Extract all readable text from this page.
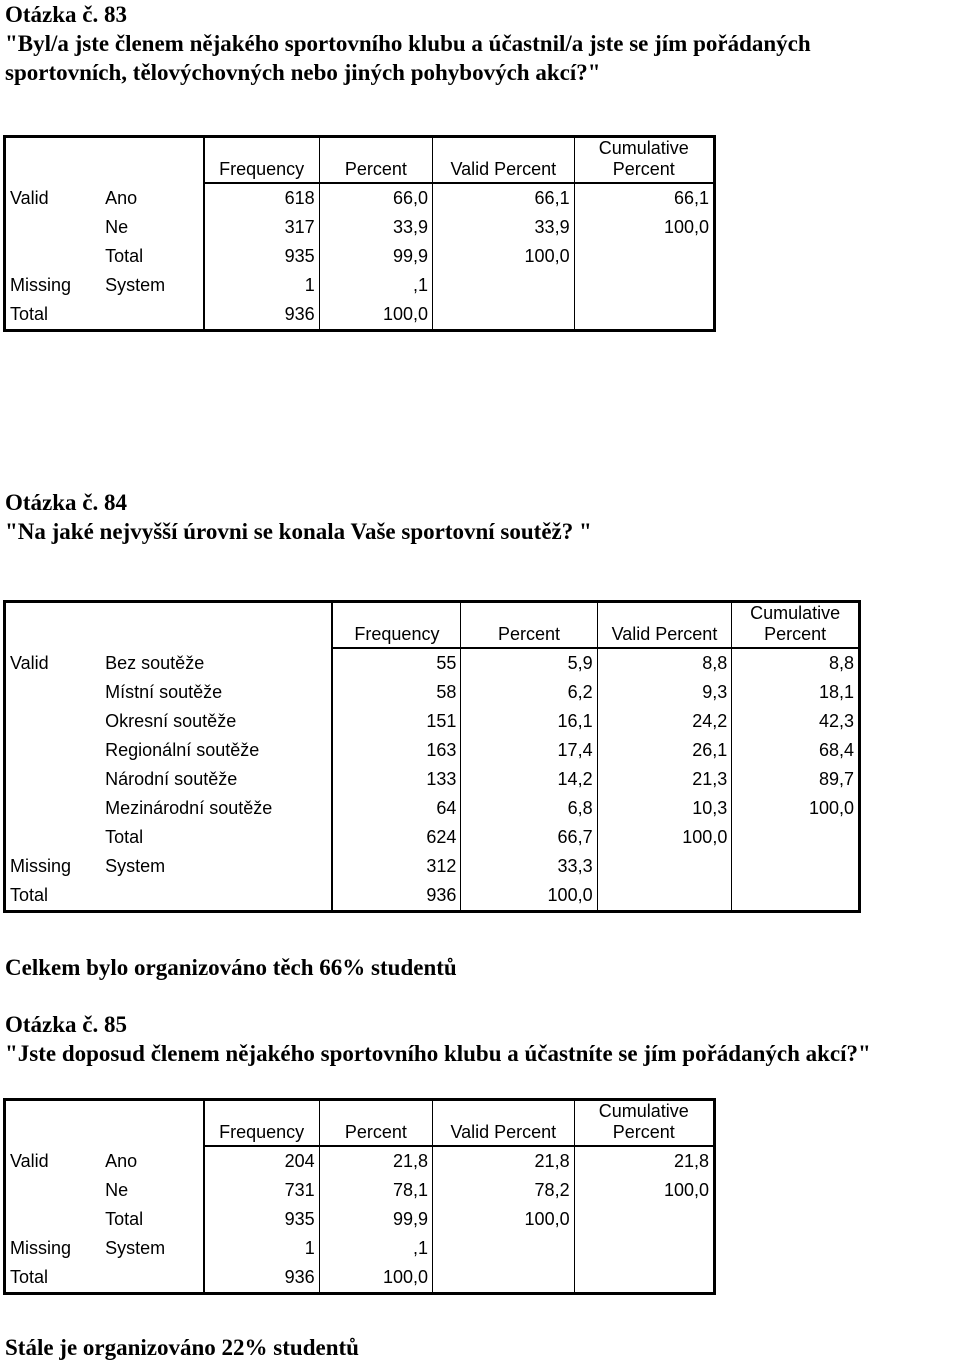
Otázka č. 83
"Byl/a jste členem nějakého sportovního klubu a účastnil/a jste se jím pořádaných
sportovních, tělovýchovných nebo jiných pohybových akcí?"
		Frequency	Percent	Valid Percent	Cumulative
Percent
Valid	Ano	618	66,0	66,1	66,1
	Ne	317	33,9	33,9	100,0
	Total	935	99,9	100,0	
Missing	System	1	,1		
Total		936	100,0		
Otázka č. 84
"Na jaké nejvyšší úrovni se konala Vaše sportovní soutěž? "
		Frequency	Percent	Valid Percent	Cumulative
Percent
Valid	Bez soutěže	55	5,9	8,8	8,8
	Místní soutěže	58	6,2	9,3	18,1
	Okresní soutěže	151	16,1	24,2	42,3
	Regionální soutěže	163	17,4	26,1	68,4
	Národní soutěže	133	14,2	21,3	89,7
	Mezinárodní soutěže	64	6,8	10,3	100,0
	Total	624	66,7	100,0	
Missing	System	312	33,3		
Total		936	100,0		
Celkem bylo organizováno těch 66% studentů
Otázka č. 85
"Jste doposud členem nějakého sportovního klubu a účastníte se jím pořádaných akcí?"
		Frequency	Percent	Valid Percent	Cumulative
Percent
Valid	Ano	204	21,8	21,8	21,8
	Ne	731	78,1	78,2	100,0
	Total	935	99,9	100,0	
Missing	System	1	,1		
Total		936	100,0		
Stále je organizováno 22% studentů
